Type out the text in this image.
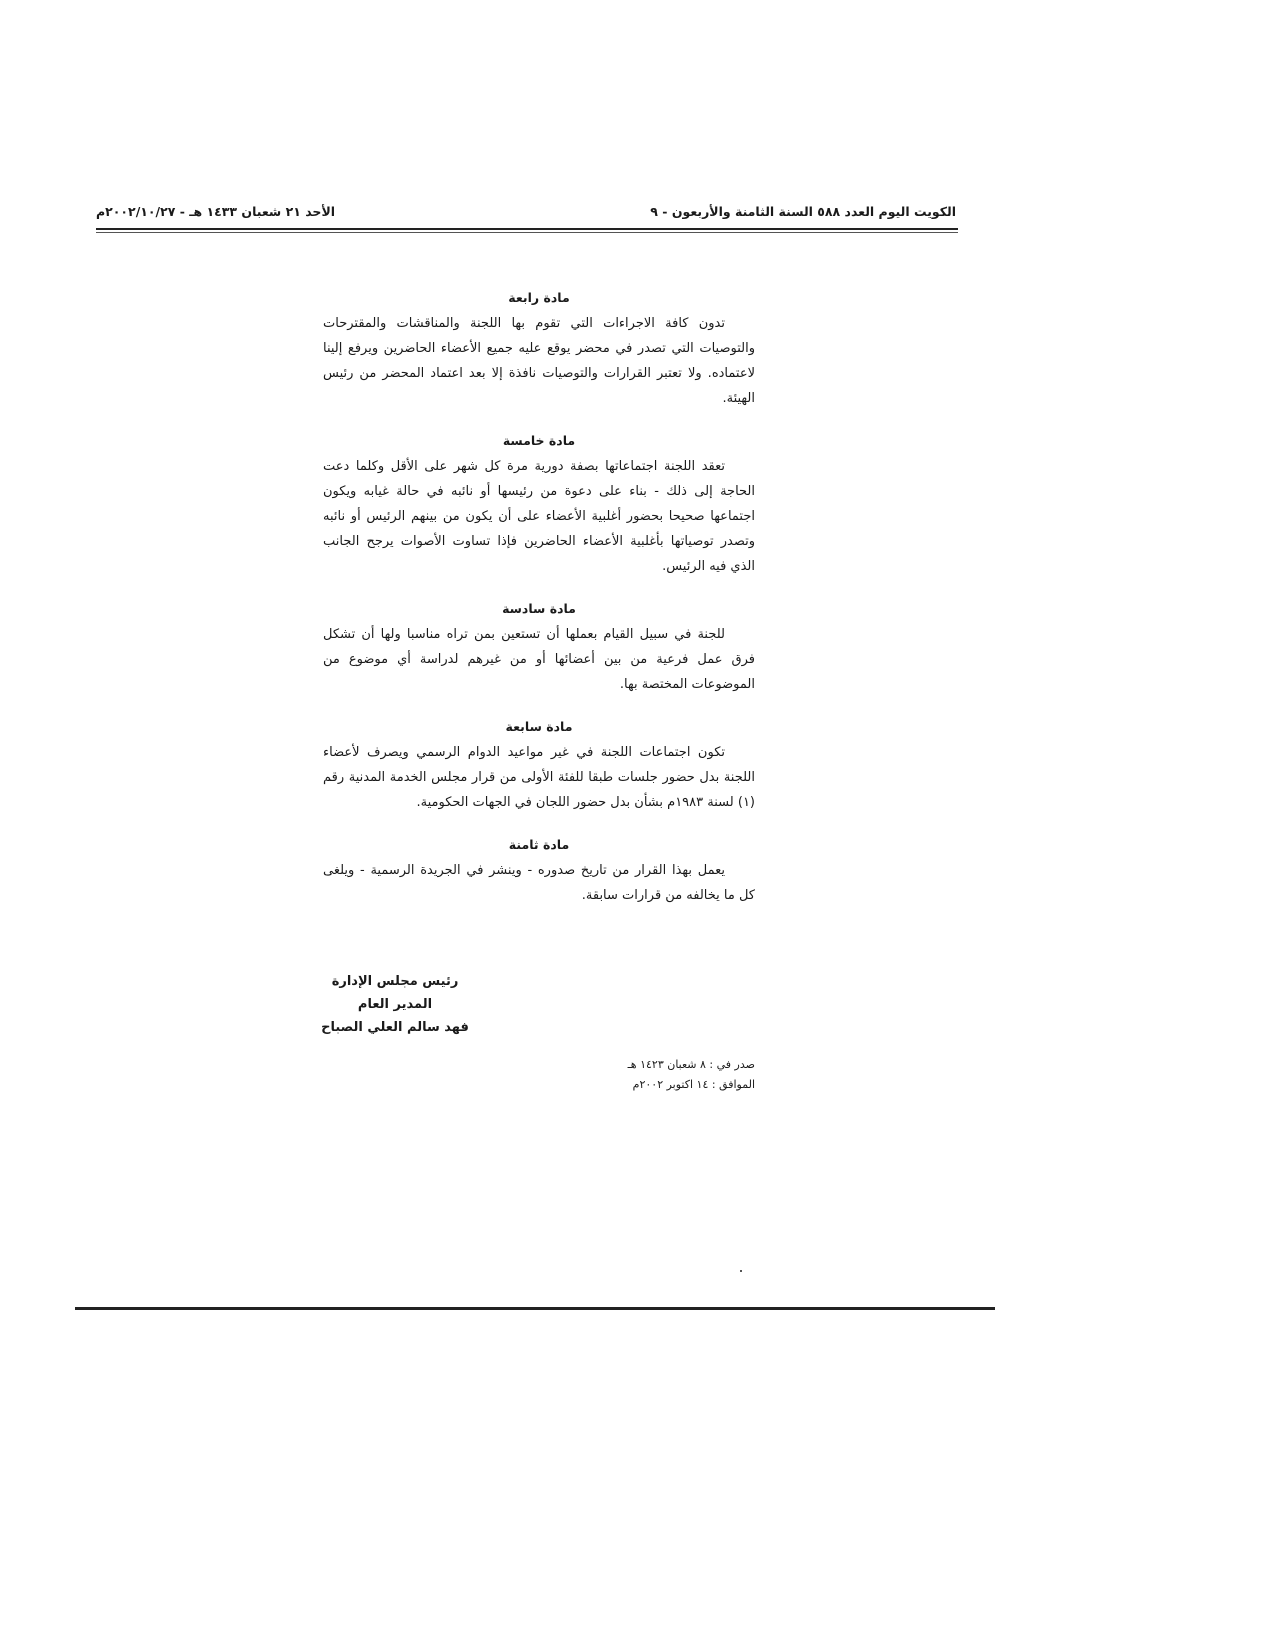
الكويت اليوم العدد ٥٨٨ السنة الثامنة والأربعون - ٩
الأحد ٢١ شعبان ١٤٣٣ هـ - ٢٠٠٢/١٠/٢٧م
مادة رابعة

تدون كافة الاجراءات التي تقوم بها اللجنة والمناقشات والمقترحات والتوصيات التي تصدر في محضر يوقع عليه جميع الأعضاء الحاضرين ويرفع إلينا لاعتماده. ولا تعتبر القرارات والتوصيات نافذة إلا بعد اعتماد المحضر من رئيس الهيئة.

مادة خامسة

تعقد اللجنة اجتماعاتها بصفة دورية مرة كل شهر على الأقل وكلما دعت الحاجة إلى ذلك - بناء على دعوة من رئيسها أو نائبه في حالة غيابه ويكون اجتماعها صحيحا بحضور أغلبية الأعضاء على أن يكون من بينهم الرئيس أو نائبه وتصدر توصياتها بأغلبية الأعضاء الحاضرين فإذا تساوت الأصوات يرجح الجانب الذي فيه الرئيس.

مادة سادسة

للجنة في سبيل القيام بعملها أن تستعين بمن تراه مناسبا ولها أن تشكل فرق عمل فرعية من بين أعضائها أو من غيرهم لدراسة أي موضوع من الموضوعات المختصة بها.

مادة سابعة

تكون اجتماعات اللجنة في غير مواعيد الدوام الرسمي ويصرف لأعضاء اللجنة بدل حضور جلسات طبقا للفئة الأولى من قرار مجلس الخدمة المدنية رقم (١) لسنة ١٩٨٣م بشأن بدل حضور اللجان في الجهات الحكومية.

مادة ثامنة

يعمل بهذا القرار من تاريخ صدوره - وينشر في الجريدة الرسمية - ويلغى كل ما يخالفه من قرارات سابقة.

رئيس مجلس الإدارة
المدير العام
فهد سالم العلي الصباح
صدر في : ٨ شعبان ١٤٢٣ هـ
الموافق : ١٤ اكتوبر ٢٠٠٢م
